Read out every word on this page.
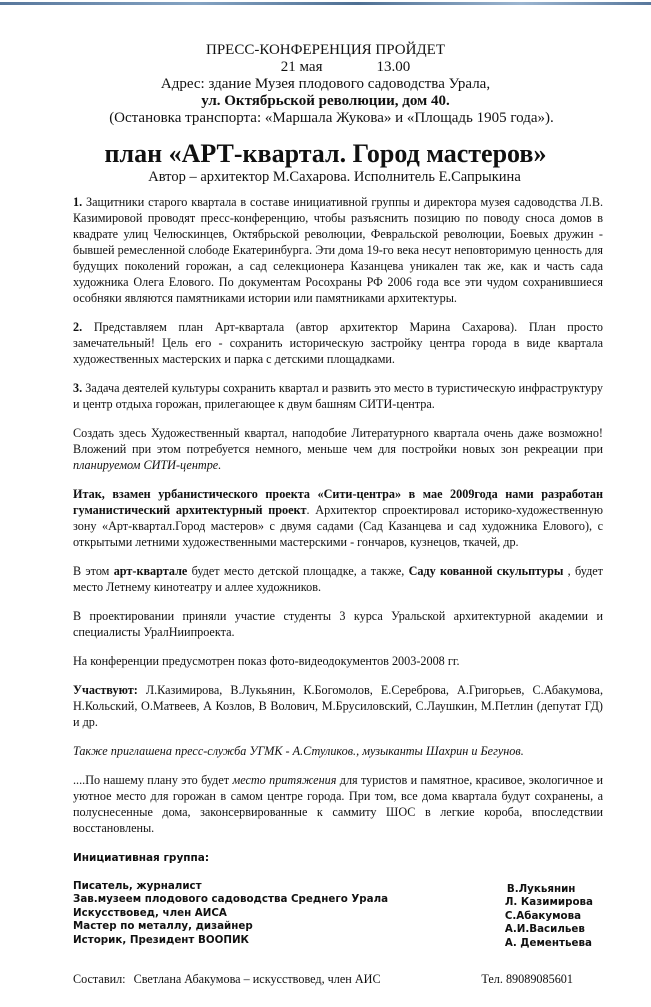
ПРЕСС-КОНФЕРЕНЦИЯ ПРОЙДЕТ
21 мая	13.00
Адрес: здание Музея плодового садоводства Урала,
ул. Октябрьской революции, дом 40.
(Остановка транспорта: «Маршала Жукова» и «Площадь 1905 года»).
план «АРТ-квартал. Город мастеров»
Автор – архитектор М.Сахарова. Исполнитель Е.Сапрыкина

1. Защитники старого квартала в составе инициативной группы и директора музея садоводства Л.В. Казимировой проводят пресс-конференцию, чтобы разъяснить позицию по поводу сноса домов в квадрате улиц Челюскинцев, Октябрьской революции, Февральской революции, Боевых дружин - бывшей ремесленной слободе Екатеринбурга. Эти дома 19-го века несут неповторимую ценность для будущих поколений горожан, а сад селекционера Казанцева уникален так же, как и часть сада художника Олега Елового. По документам Росохраны РФ 2006 года все эти чудом сохранившиеся особняки являются памятниками истории или памятниками архитектуры.

2. Представляем план Арт-квартала (автор архитектор Марина Сахарова). План просто замечательный! Цель его - сохранить историческую застройку центра города в виде квартала художественных мастерских и парка с детскими площадками.

3. Задача деятелей культуры сохранить квартал и развить это место в туристическую инфраструктуру и центр отдыха горожан, прилегающее к двум башням СИТИ-центра.

Создать здесь Художественный квартал, наподобие Литературного квартала очень даже возможно! Вложений при этом потребуется немного, меньше чем для постройки новых зон рекреации при планируемом СИТИ-центре.

Итак, взамен урбанистического проекта «Сити-центра» в мае 2009года нами разработан гуманистический архитектурный проект. Архитектор спроектировал историко-художественную зону «Арт-квартал.Город мастеров» с двумя садами (Сад Казанцева и сад художника Елового), с открытыми летними художественными мастерскими - гончаров, кузнецов, ткачей, др.

В этом арт-квартале будет место детской площадке, а также, Саду кованной скульптуры , будет место Летнему кинотеатру и аллее художников.

В проектировании приняли участие студенты 3 курса Уральской архитектурной академии и специалисты УралНиипроекта.

На конференции предусмотрен показ фото-видеодокументов 2003-2008 гг.

Участвуют: Л.Казимирова, В.Лукьянин, К.Богомолов, Е.Сереброва, А.Григорьев, С.Абакумова, Н.Кольский, О.Матвеев, А Козлов, В Волович, М.Брусиловский, С.Лаушкин, М.Петлин (депутат ГД) и др.

Также приглашена пресс-служба УГМК - А.Стуликов., музыканты Шахрин и Бегунов.

....По нашему плану это будет место притяжения для туристов и памятное, красивое, экологичное и уютное место для горожан в самом центре города. При том, все дома квартала будут сохранены, а полуснесенные дома, законсервированные к саммиту ШОС в легкие короба, впоследствии восстановлены.

Инициативная группа:
Писатель, журналист
Зав.музеем плодового садоводства Среднего Урала
Искусствовед, член АИСА
Мастер по металлу, дизайнер
Историк, Президент ВООПИК
В.Лукьянин
Л. Казимирова
С.Абакумова
А.И.Васильев
А. Дементьева
Составил: Светлана Абакумова – искусствовед, член АИС	Тел. 89089085601
